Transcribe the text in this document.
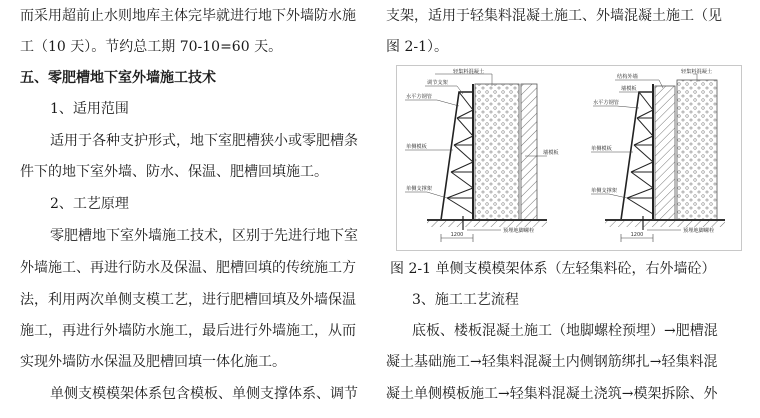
而采用超前止水则地库主体完毕就进行地下外墙防水施
工（10 天）。节约总工期 70-10=60 天。
五、零肥槽地下室外墙施工技术
1、适用范围
适用于各种支护形式，地下室肥槽狭小或零肥槽条
件下的地下室外墙、防水、保温、肥槽回填施工。
2、工艺原理
零肥槽地下室外墙施工技术，区别于先进行地下室
外墙施工、再进行防水及保温、肥槽回填的传统施工方
法，利用两次单侧支模工艺，进行肥槽回填及外墙保温
施工，再进行外墙防水施工，最后进行外墙施工，从而
实现外墙防水保温及肥槽回填一体化施工。
单侧支模模架体系包含模板、单侧支撑体系、调节
支架，适用于轻集料混凝土施工、外墙混凝土施工（见
图 2-1）。
1200
轻集料混凝土
调节支架
水平方钢管
单侧模板
单侧支撑架
墙模板
预埋地脚螺栓
1200
轻集料混凝土
结构外墙
墙模板
水平方钢管
单侧模板
单侧支撑架
预埋地脚螺栓
图 2-1 单侧支模模架体系（左轻集料砼，右外墙砼）
3、施工工艺流程
底板、楼板混凝土施工（地脚螺栓预埋）→肥槽混
凝土基础施工→轻集料混凝土内侧钢筋绑扎→轻集料混
凝土单侧模板施工→轻集料混凝土浇筑→模架拆除、外
